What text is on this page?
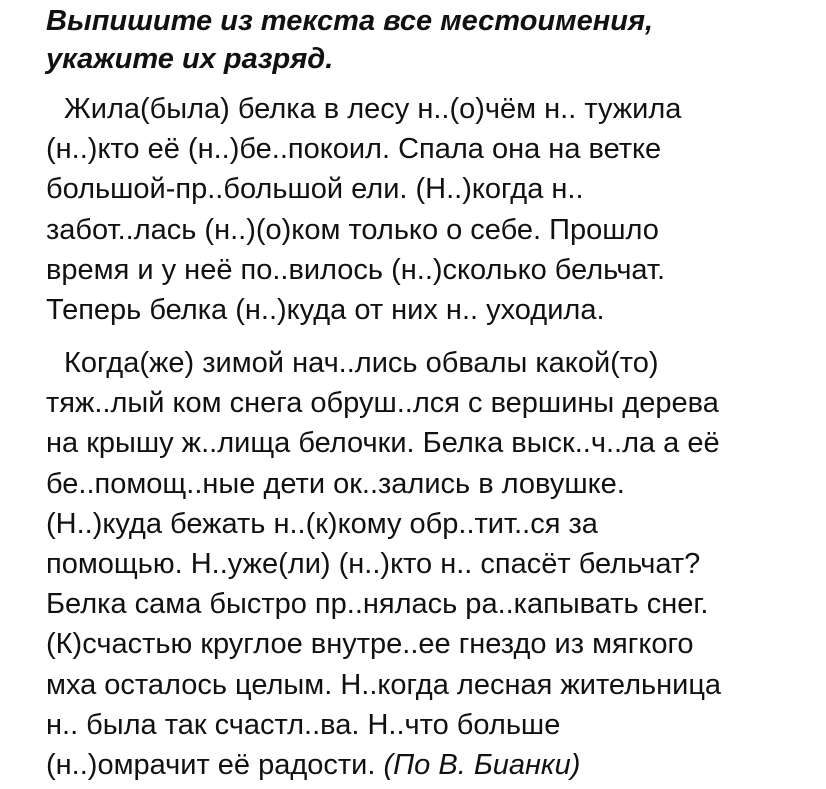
Выпишите из текста все местоимения,
укажите их разряд.

Жила(была) белка в лесу н..(о)чём н.. тужила
(н..)кто её (н..)бе..покоил. Спала она на ветке
большой-пр..большой ели. (Н..)когда н..
забот..лась (н..)(о)ком только о себе. Прошло
время и у неё по..вилось (н..)сколько бельчат.
Теперь белка (н..)куда от них н.. уходила.

Когда(же) зимой нач..лись обвалы какой(то)
тяж..лый ком снега обруш..лся с вершины дерева
на крышу ж..лища белочки. Белка выск..ч..ла а её
бе..помощ..ные дети ок..зались в ловушке.
(Н..)куда бежать н..(к)кому обр..тит..ся за
помощью. Н..уже(ли) (н..)кто н.. спасёт бельчат?
Белка сама быстро пр..нялась ра..капывать снег.
(К)счастью круглое внутре..ее гнездо из мягкого
мха осталось целым. Н..когда лесная жительница
н.. была так счастл..ва. Н..что больше
(н..)омрачит её радости. (По В. Бианки)
